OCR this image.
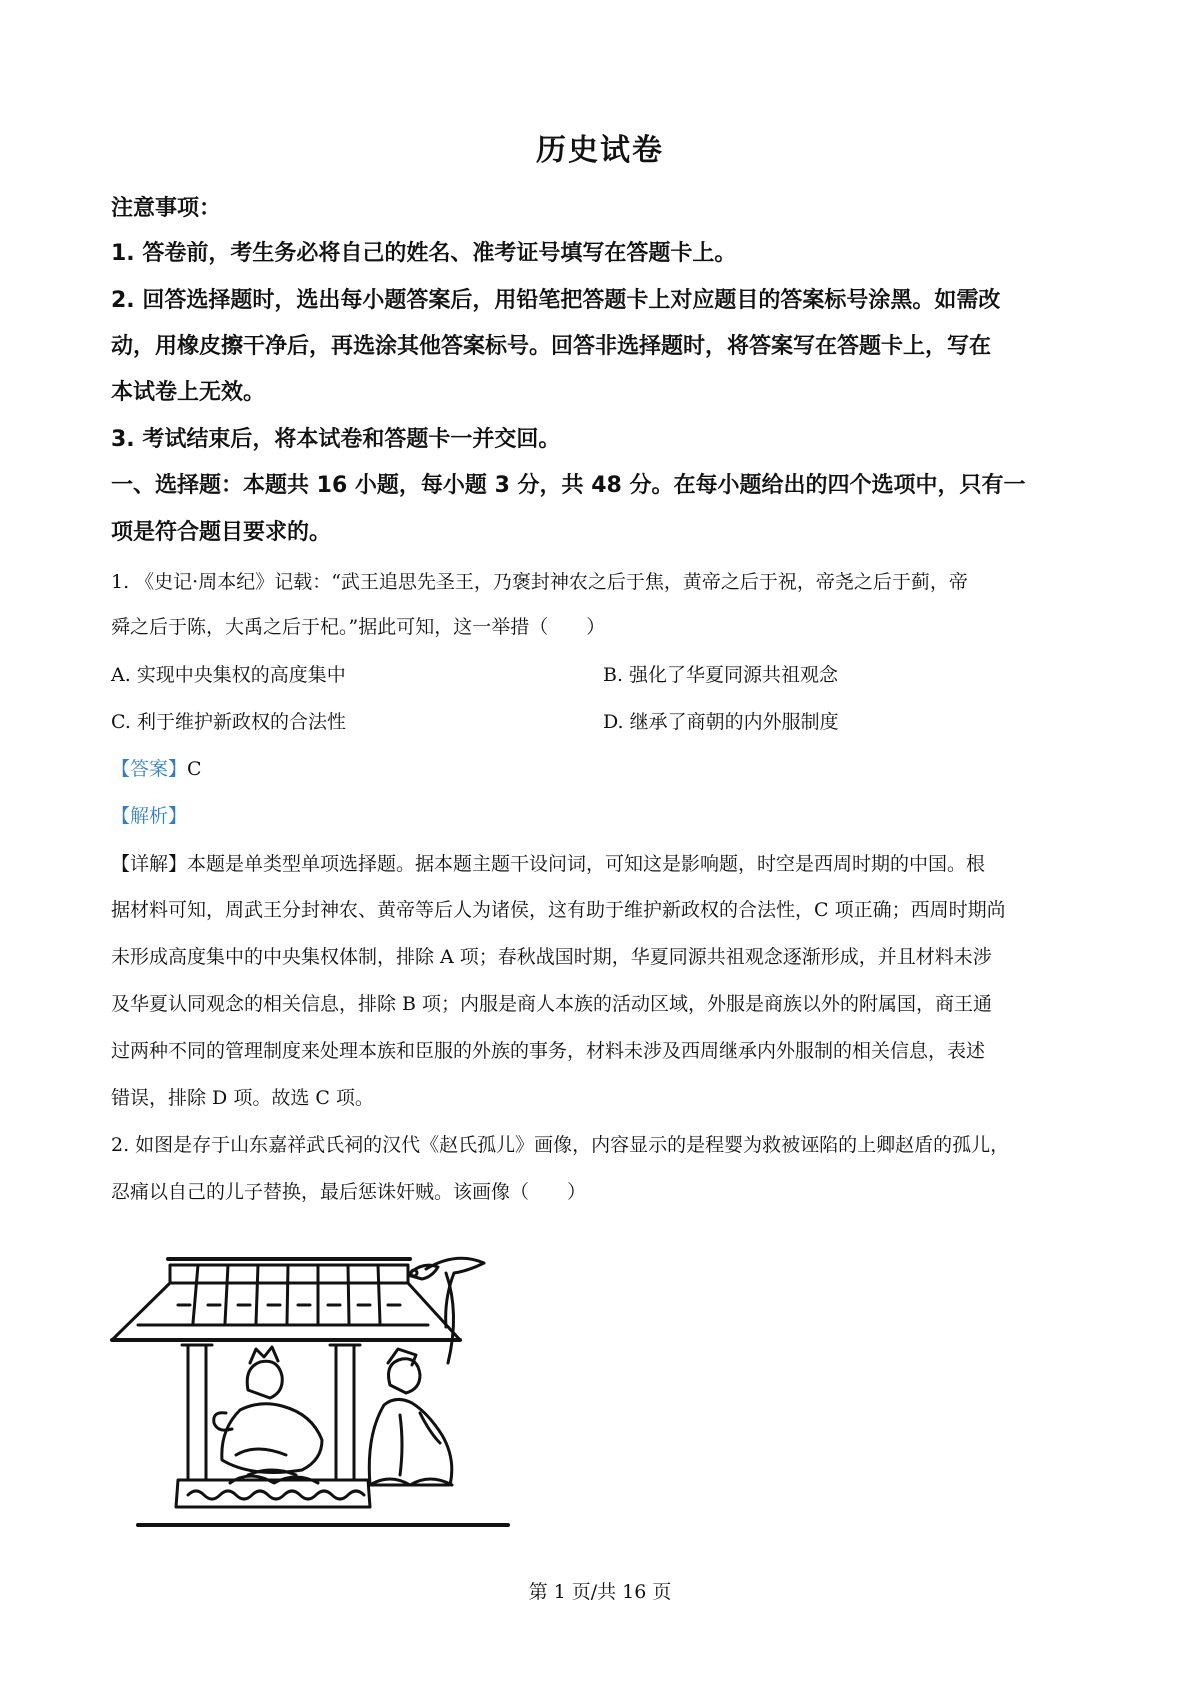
历史试卷
注意事项：
1. 答卷前，考生务必将自己的姓名、准考证号填写在答题卡上。
2. 回答选择题时，选出每小题答案后，用铅笔把答题卡上对应题目的答案标号涂黑。如需改
动，用橡皮擦干净后，再选涂其他答案标号。回答非选择题时，将答案写在答题卡上，写在
本试卷上无效。
3. 考试结束后，将本试卷和答题卡一并交回。
一、选择题：本题共 16 小题，每小题 3 分，共 48 分。在每小题给出的四个选项中，只有一
项是符合题目要求的。
1. 《史记·周本纪》记载：“武王追思先圣王，乃褒封神农之后于焦，黄帝之后于祝，帝尧之后于蓟，帝
舜之后于陈，大禹之后于杞。”据此可知，这一举措（　　）
A. 实现中央集权的高度集中	B. 强化了华夏同源共祖观念
C. 利于维护新政权的合法性	D. 继承了商朝的内外服制度
【答案】C
【解析】
【详解】本题是单类型单项选择题。据本题主题干设问词，可知这是影响题，时空是西周时期的中国。根
据材料可知，周武王分封神农、黄帝等后人为诸侯，这有助于维护新政权的合法性，C 项正确；西周时期尚
未形成高度集中的中央集权体制，排除 A 项；春秋战国时期，华夏同源共祖观念逐渐形成，并且材料未涉
及华夏认同观念的相关信息，排除 B 项；内服是商人本族的活动区域，外服是商族以外的附属国，商王通
过两种不同的管理制度来处理本族和臣服的外族的事务，材料未涉及西周继承内外服制的相关信息，表述
错误，排除 D 项。故选 C 项。
2. 如图是存于山东嘉祥武氏祠的汉代《赵氏孤儿》画像，内容显示的是程婴为救被诬陷的上卿赵盾的孤儿，
忍痛以自己的儿子替换，最后惩诛奸贼。该画像（　　）
第 1 页/共 16 页
